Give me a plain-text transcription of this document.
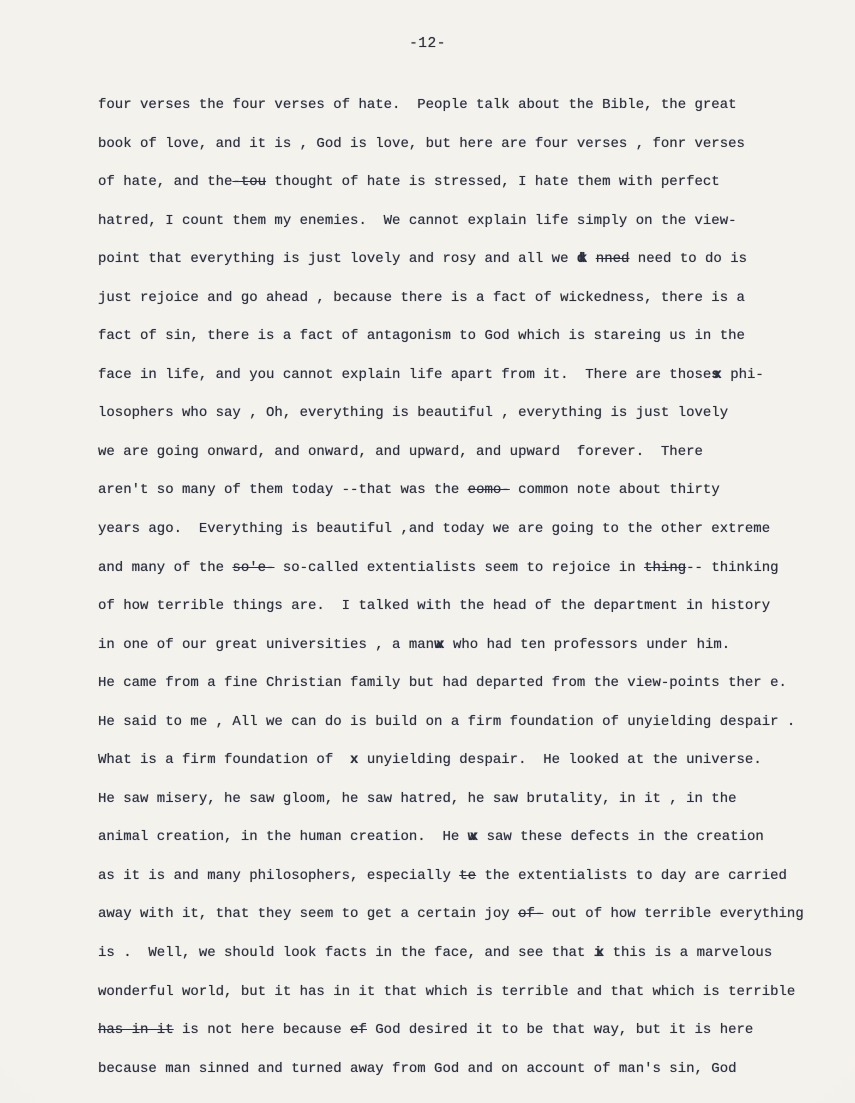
-12-
four verses the four verses of hate.  People talk about the Bible, the great
book of love, and it is , God is love, but here are four verses , fonr verses
of hate, and the-tou thought of hate is stressed, I hate them with perfect
hatred, I count them my enemies.  We cannot explain life simply on the view-
point that everything is just lovely and rosy and all we dk nned need to do is
just rejoice and go ahead , because there is a fact of wickedness, there is a
fact of sin, there is a fact of antagonism to God which is stareing us in the
face in life, and you cannot explain life apart from it.  There are thosesx phi-
losophers who say , Oh, everything is beautiful , everything is just lovely
we are going onward, and onward, and upward, and upward  forever.  There
aren't so many of them today --that was the eomo- common note about thirty
years ago.  Everything is beautiful ,and today we are going to the other extreme
and many of the so'e- so-called extentialists seem to rejoice in thing-- thinking
of how terrible things are.  I talked with the head of the department in history
in one of our great universities , a manwx who had ten professors under him.
He came from a fine Christian family but had departed from the view-points ther e.
He said to me , All we can do is build on a firm foundation of unyielding despair .
What is a firm foundation of  x unyielding despair.  He looked at the universe.
He saw misery, he saw gloom, he saw hatred, he saw brutality, in it , in the
animal creation, in the human creation.  He wx saw these defects in the creation
as it is and many philosophers, especially te the extentialists to day are carried
away with it, that they seem to get a certain joy of- out of how terrible everything
is .  Well, we should look facts in the face, and see that ix this is a marvelous
wonderful world, but it has in it that which is terrible and that which is terrible
has in it is not here because ef God desired it to be that way, but it is here
because man sinned and turned away from God and on account of man's sin, God
